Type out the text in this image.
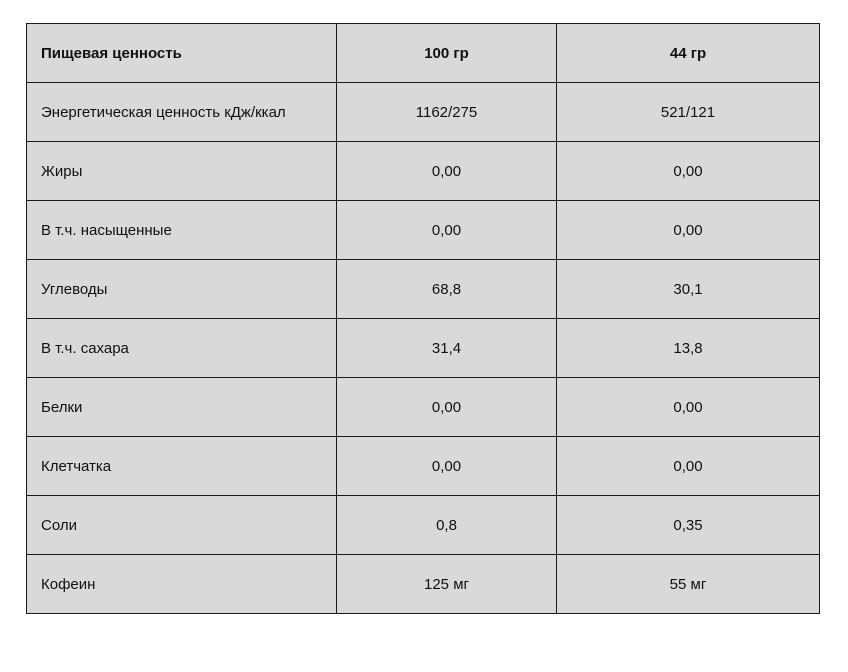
Пищевая ценность	100 гр	44 гр
Энергетическая ценность кДж/ккал	1162/275	521/121
Жиры	0,00	0,00
В т.ч. насыщенные	0,00	0,00
Углеводы	68,8	30,1
В т.ч. сахара	31,4	13,8
Белки	0,00	0,00
Клетчатка	0,00	0,00
Соли	0,8	0,35
Кофеин	125 мг	55 мг
